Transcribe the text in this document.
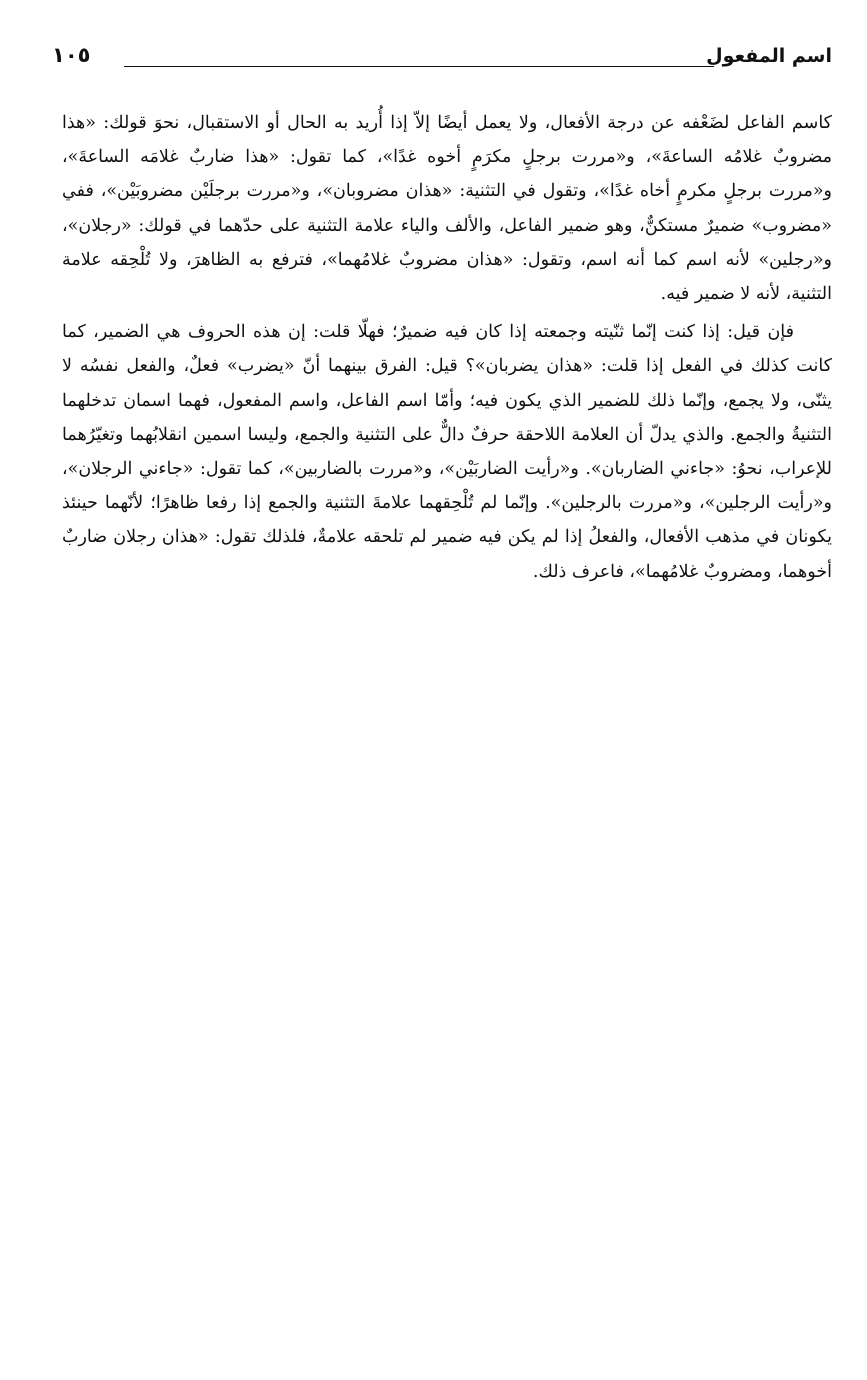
اسم المفعول
١٠٥

كاسم الفاعل لضَعْفه عن درجة الأفعال، ولا يعمل أيضًا إلاّ إذا أُريد به الحال أو الاستقبال، نحوَ قولك: «هذا مضروبٌ غلامُه الساعةَ»، و«مررت برجلٍ مكرَمٍ أخوه غدًا»، كما تقول: «هذا ضاربٌ غلامَه الساعةَ»، و«مررت برجلٍ مكرمٍ أخاه غدًا»، وتقول في التثنية: «هذان مضروبان»، و«مررت برجلَيْن مضروبَيْن»، ففي «مضروب» ضميرٌ مستكنٌّ، وهو ضمير الفاعل، والألف والياء علامة التثنية على حدّهما في قولك: «رجلان»، و«رجلين» لأنه اسم كما أنه اسم، وتقول: «هذان مضروبٌ غلامُهما»، فترفع به الظاهرَ، ولا تُلْحِقه علامة التثنية، لأنه لا ضمير فيه.

فإن قيل: إذا كنت إنّما ثنّيته وجمعته إذا كان فيه ضميرٌ؛ فهلّا قلت: إن هذه الحروف هي الضمير، كما كانت كذلك في الفعل إذا قلت: «هذان يضربان»؟ قيل: الفرق بينهما أنّ «يضرب» فعلٌ، والفعل نفسُه لا يثنّى، ولا يجمع، وإنّما ذلك للضمير الذي يكون فيه؛ وأمّا اسم الفاعل، واسم المفعول، فهما اسمان تدخلهما التثنيةُ والجمع. والذي يدلّ أن العلامة اللاحقة حرفٌ دالٌّ على التثنية والجمع، وليسا اسمين انقلابُهما وتغيّرُهما للإعراب، نحوُ: «جاءني الضاربان». و«رأيت الضاربَيْن»، و«مررت بالضاربين»، كما تقول: «جاءني الرجلان»، و«رأيت الرجلين»، و«مررت بالرجلين». وإنّما لم تُلْحِقهما علامةَ التثنية والجمع إذا رفعا ظاهرًا؛ لأنّهما حينئذ يكونان في مذهب الأفعال، والفعلُ إذا لم يكن فيه ضمير لم تلحقه علامةٌ، فلذلك تقول: «هذان رجلان ضاربٌ أخوهما، ومضروبٌ غلامُهما»، فاعرف ذلك.
